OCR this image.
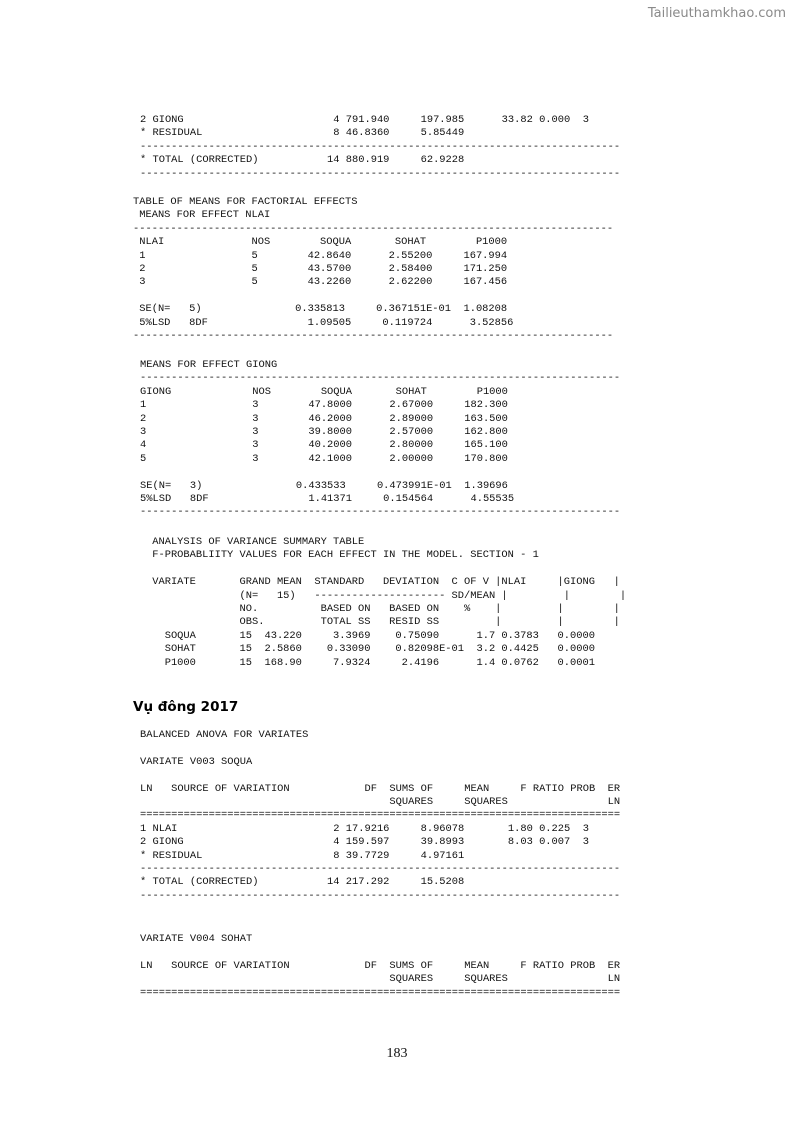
Tailieuthamkhao.com
2 GIONG                        4 791.940     197.985      33.82 0.000  3
* RESIDUAL                     8 46.8360     5.85449
-----------------------------------------------------------------------------
* TOTAL (CORRECTED)           14 880.919     62.9228
-----------------------------------------------------------------------------
TABLE OF MEANS FOR FACTORIAL EFFECTS
MEANS FOR EFFECT NLAI
-----------------------------------------------------------------------------
NLAI              NOS        SOQUA       SOHAT        P1000
1                 5        42.8640      2.55200     167.994
2                 5        43.5700      2.58400     171.250
3                 5        43.2260      2.62200     167.456

SE(N=   5)               0.335813     0.367151E-01  1.08208
5%LSD   8DF                1.09505     0.119724      3.52856
-----------------------------------------------------------------------------
MEANS FOR EFFECT GIONG
-----------------------------------------------------------------------------
GIONG             NOS        SOQUA       SOHAT        P1000
1                 3        47.8000      2.67000     182.300
2                 3        46.2000      2.89000     163.500
3                 3        39.8000      2.57000     162.800
4                 3        40.2000      2.80000     165.100
5                 3        42.1000      2.00000     170.800

SE(N=   3)               0.433533     0.473991E-01  1.39696
5%LSD   8DF                1.41371     0.154564      4.55535
-----------------------------------------------------------------------------
ANALYSIS OF VARIANCE SUMMARY TABLE
F-PROBABLIITY VALUES FOR EACH EFFECT IN THE MODEL. SECTION - 1

VARIATE       GRAND MEAN  STANDARD   DEVIATION  C OF V |NLAI     |GIONG   |
(N=   15)   --------------------- SD/MEAN |         |        |
NO.          BASED ON   BASED ON    %    |         |        |
OBS.         TOTAL SS   RESID SS         |         |        |
SOQUA       15  43.220     3.3969    0.75090      1.7 0.3783   0.0000
SOHAT       15  2.5860    0.33090    0.82098E-01  3.2 0.4425   0.0000
P1000       15  168.90     7.9324     2.4196      1.4 0.0762   0.0001
Vụ đông 2017
BALANCED ANOVA FOR VARIATES

VARIATE V003 SOQUA

LN   SOURCE OF VARIATION            DF  SUMS OF     MEAN     F RATIO PROB  ER
SQUARES     SQUARES                LN
=============================================================================
1 NLAI                         2 17.9216     8.96078       1.80 0.225  3
2 GIONG                        4 159.597     39.8993       8.03 0.007  3
* RESIDUAL                     8 39.7729     4.97161
-----------------------------------------------------------------------------
* TOTAL (CORRECTED)           14 217.292     15.5208
-----------------------------------------------------------------------------
VARIATE V004 SOHAT

LN   SOURCE OF VARIATION            DF  SUMS OF     MEAN     F RATIO PROB  ER
SQUARES     SQUARES                LN
=============================================================================
183
